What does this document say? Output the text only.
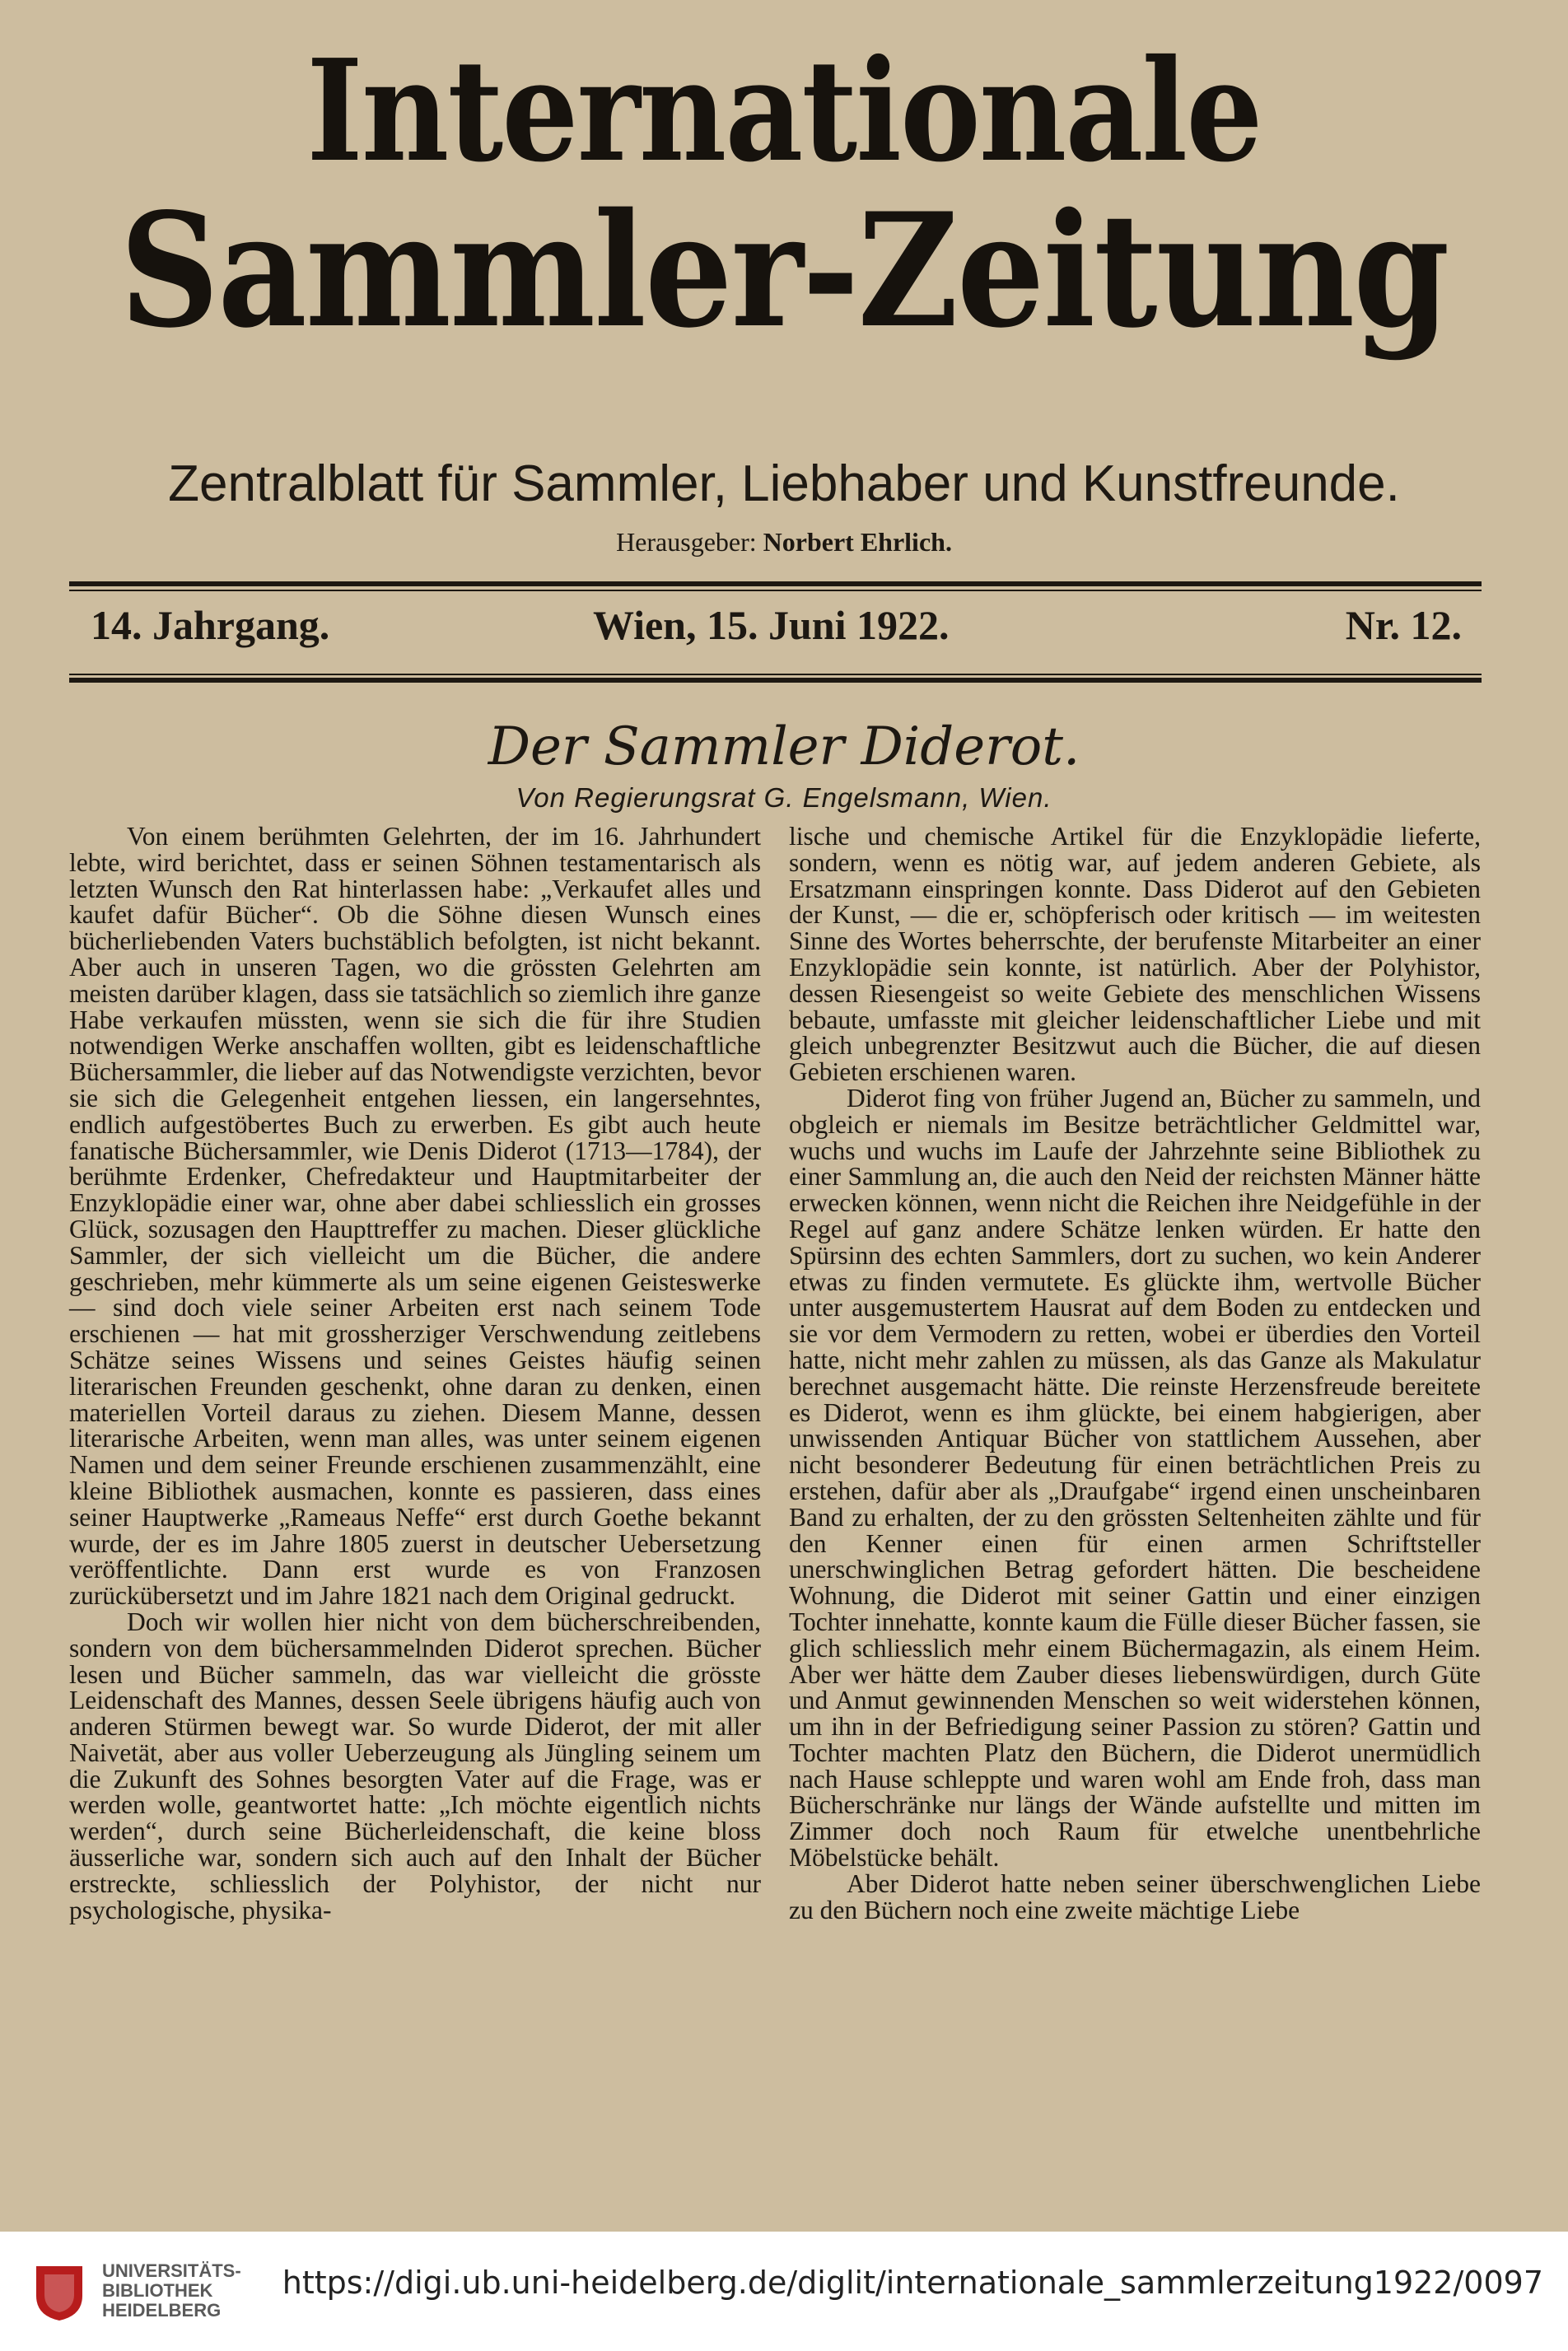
Internationale
Sammler-Zeitung
Zentralblatt für Sammler, Liebhaber und Kunstfreunde.
Herausgeber: Norbert Ehrlich.
14. Jahrgang.	Wien, 15. Juni 1922.	Nr. 12.
Der Sammler Diderot.
Von Regierungsrat G. Engelsmann, Wien.

Von einem berühmten Gelehrten, der im 16. Jahrhundert lebte, wird berichtet, dass er seinen Söhnen testamentarisch als letzten Wunsch den Rat hinterlassen habe: „Verkaufet alles und kaufet dafür Bücher“. Ob die Söhne diesen Wunsch eines bücherliebenden Vaters buchstäblich befolgten, ist nicht bekannt. Aber auch in unseren Tagen, wo die grössten Gelehrten am meisten darüber klagen, dass sie tatsächlich so ziemlich ihre ganze Habe verkaufen müssten, wenn sie sich die für ihre Studien notwendigen Werke anschaffen wollten, gibt es leidenschaftliche Büchersammler, die lieber auf das Notwendigste verzichten, bevor sie sich die Gelegenheit entgehen liessen, ein langersehntes, endlich aufgestöbertes Buch zu erwerben. Es gibt auch heute fanatische Büchersammler, wie Denis Diderot (1713—1784), der berühmte Erdenker, Chefredakteur und Hauptmitarbeiter der Enzyklopädie einer war, ohne aber dabei schliesslich ein grosses Glück, sozusagen den Haupttreffer zu machen. Dieser glückliche Sammler, der sich vielleicht um die Bücher, die andere geschrieben, mehr kümmerte als um seine eigenen Geisteswerke — sind doch viele seiner Arbeiten erst nach seinem Tode erschienen — hat mit grossherziger Verschwendung zeitlebens Schätze seines Wissens und seines Geistes häufig seinen literarischen Freunden geschenkt, ohne daran zu denken, einen materiellen Vorteil daraus zu ziehen. Diesem Manne, dessen literarische Arbeiten, wenn man alles, was unter seinem eigenen Namen und dem seiner Freunde erschienen zusammenzählt, eine kleine Bibliothek ausmachen, konnte es passieren, dass eines seiner Hauptwerke „Rameaus Neffe“ erst durch Goethe bekannt wurde, der es im Jahre 1805 zuerst in deutscher Uebersetzung veröffentlichte. Dann erst wurde es von Franzosen zurückübersetzt und im Jahre 1821 nach dem Original gedruckt.

Doch wir wollen hier nicht von dem bücherschreibenden, sondern von dem büchersammelnden Diderot sprechen. Bücher lesen und Bücher sammeln, das war vielleicht die grösste Leidenschaft des Mannes, dessen Seele übrigens häufig auch von anderen Stürmen bewegt war. So wurde Diderot, der mit aller Naivetät, aber aus voller Ueberzeugung als Jüngling seinem um die Zukunft des Sohnes besorgten Vater auf die Frage, was er werden wolle, geantwortet hatte: „Ich möchte eigentlich nichts werden“, durch seine Bücherleidenschaft, die keine bloss äusserliche war, sondern sich auch auf den Inhalt der Bücher erstreckte, schliesslich der Polyhistor, der nicht nur psychologische, physika-

lische und chemische Artikel für die Enzyklopädie lieferte, sondern, wenn es nötig war, auf jedem anderen Gebiete, als Ersatzmann einspringen konnte. Dass Diderot auf den Gebieten der Kunst, — die er, schöpferisch oder kritisch — im weitesten Sinne des Wortes beherrschte, der berufenste Mitarbeiter an einer Enzyklopädie sein konnte, ist natürlich. Aber der Polyhistor, dessen Riesengeist so weite Gebiete des menschlichen Wissens bebaute, umfasste mit gleicher leidenschaftlicher Liebe und mit gleich unbegrenzter Besitzwut auch die Bücher, die auf diesen Gebieten erschienen waren.

Diderot fing von früher Jugend an, Bücher zu sammeln, und obgleich er niemals im Besitze beträchtlicher Geldmittel war, wuchs und wuchs im Laufe der Jahrzehnte seine Bibliothek zu einer Sammlung an, die auch den Neid der reichsten Männer hätte erwecken können, wenn nicht die Reichen ihre Neidgefühle in der Regel auf ganz andere Schätze lenken würden. Er hatte den Spürsinn des echten Sammlers, dort zu suchen, wo kein Anderer etwas zu finden vermutete. Es glückte ihm, wertvolle Bücher unter ausgemustertem Hausrat auf dem Boden zu entdecken und sie vor dem Vermodern zu retten, wobei er überdies den Vorteil hatte, nicht mehr zahlen zu müssen, als das Ganze als Makulatur berechnet ausgemacht hätte. Die reinste Herzensfreude bereitete es Diderot, wenn es ihm glückte, bei einem habgierigen, aber unwissenden Antiquar Bücher von stattlichem Aussehen, aber nicht besonderer Bedeutung für einen beträchtlichen Preis zu erstehen, dafür aber als „Draufgabe“ irgend einen unscheinbaren Band zu erhalten, der zu den grössten Seltenheiten zählte und für den Kenner einen für einen armen Schriftsteller unerschwinglichen Betrag gefordert hätten. Die bescheidene Wohnung, die Diderot mit seiner Gattin und einer einzigen Tochter innehatte, konnte kaum die Fülle dieser Bücher fassen, sie glich schliesslich mehr einem Büchermagazin, als einem Heim. Aber wer hätte dem Zauber dieses liebenswürdigen, durch Güte und Anmut gewinnenden Menschen so weit widerstehen können, um ihn in der Befriedigung seiner Passion zu stören? Gattin und Tochter machten Platz den Büchern, die Diderot unermüdlich nach Hause schleppte und waren wohl am Ende froh, dass man Bücherschränke nur längs der Wände aufstellte und mitten im Zimmer doch noch Raum für etwelche unentbehrliche Möbelstücke behält.

Aber Diderot hatte neben seiner überschwenglichen Liebe zu den Büchern noch eine zweite mächtige Liebe

UNIVERSITÄTS-
BIBLIOTHEK
HEIDELBERG
https://digi.ub.uni-heidelberg.de/diglit/internationale_sammlerzeitung1922/0097
